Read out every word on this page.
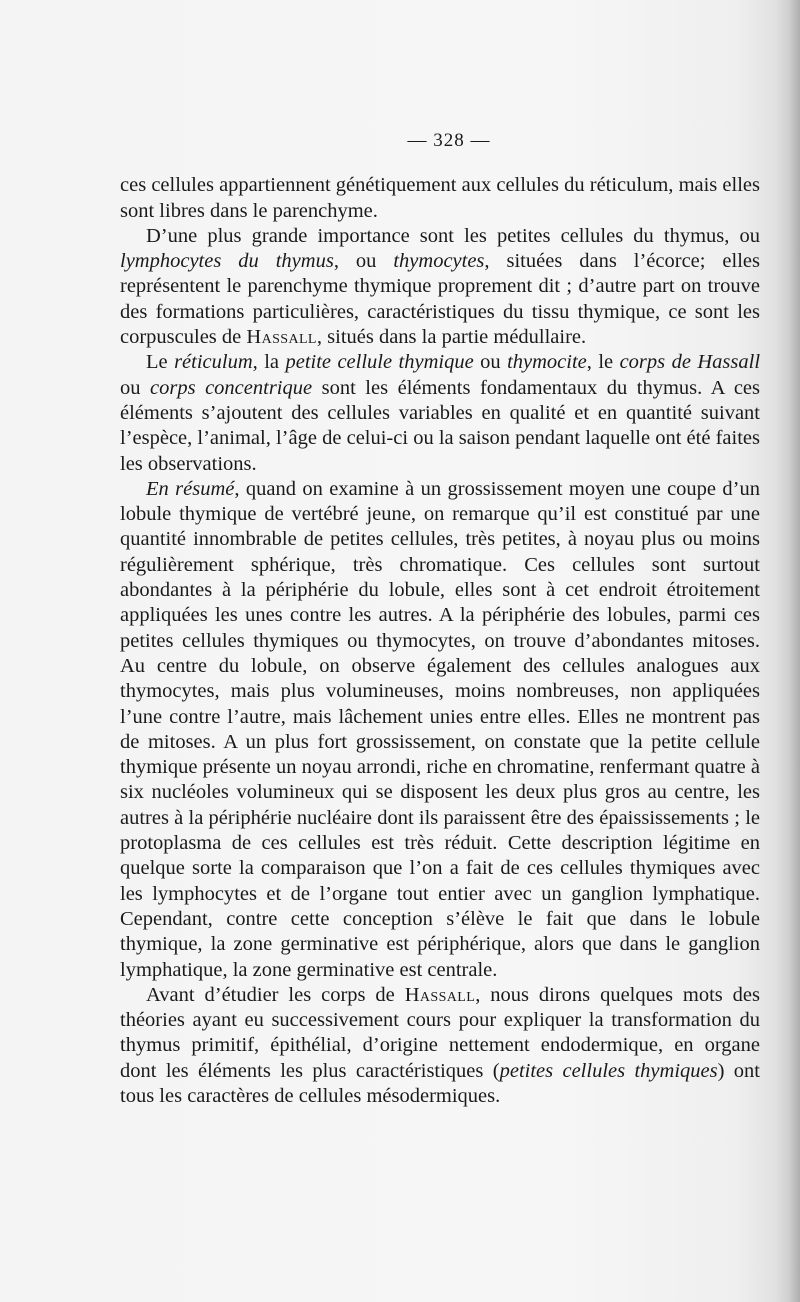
— 328 —

ces cellules appartiennent génétiquement aux cellules du réticulum, mais elles sont libres dans le parenchyme.

D’une plus grande importance sont les petites cellules du thymus, ou lymphocytes du thymus, ou thymocytes, situées dans l’écorce; elles représentent le parenchyme thymique proprement dit ; d’autre part on trouve des formations particulières, caractéristiques du tissu thymique, ce sont les corpuscules de Hassall, situés dans la partie médullaire.

Le réticulum, la petite cellule thymique ou thymocite, le corps de Hassall ou corps concentrique sont les éléments fondamentaux du thymus. A ces éléments s’ajoutent des cellules variables en qualité et en quantité suivant l’espèce, l’animal, l’âge de celui-ci ou la saison pendant laquelle ont été faites les observations.

En résumé, quand on examine à un grossissement moyen une coupe d’un lobule thymique de vertébré jeune, on remarque qu’il est constitué par une quantité innombrable de petites cellules, très petites, à noyau plus ou moins régulièrement sphérique, très chromatique. Ces cellules sont surtout abondantes à la périphérie du lobule, elles sont à cet endroit étroitement appliquées les unes contre les autres. A la périphérie des lobules, parmi ces petites cellules thymiques ou thymocytes, on trouve d’abondantes mitoses. Au centre du lobule, on observe également des cellules analogues aux thymocytes, mais plus volumineuses, moins nombreuses, non appliquées l’une contre l’autre, mais lâchement unies entre elles. Elles ne montrent pas de mitoses. A un plus fort grossissement, on constate que la petite cellule thymique présente un noyau arrondi, riche en chromatine, renfermant quatre à six nucléoles volumineux qui se disposent les deux plus gros au centre, les autres à la périphérie nucléaire dont ils paraissent être des épaississements ; le protoplasma de ces cellules est très réduit. Cette description légitime en quelque sorte la comparaison que l’on a fait de ces cellules thymiques avec les lymphocytes et de l’organe tout entier avec un ganglion lymphatique. Cependant, contre cette conception s’élève le fait que dans le lobule thymique, la zone germinative est périphérique, alors que dans le ganglion lymphatique, la zone germinative est centrale.

Avant d’étudier les corps de Hassall, nous dirons quelques mots des théories ayant eu successivement cours pour expliquer la transformation du thymus primitif, épithélial, d’origine nettement endodermique, en organe dont les éléments les plus caractéristiques (petites cellules thymiques) ont tous les caractères de cellules mésodermiques.
